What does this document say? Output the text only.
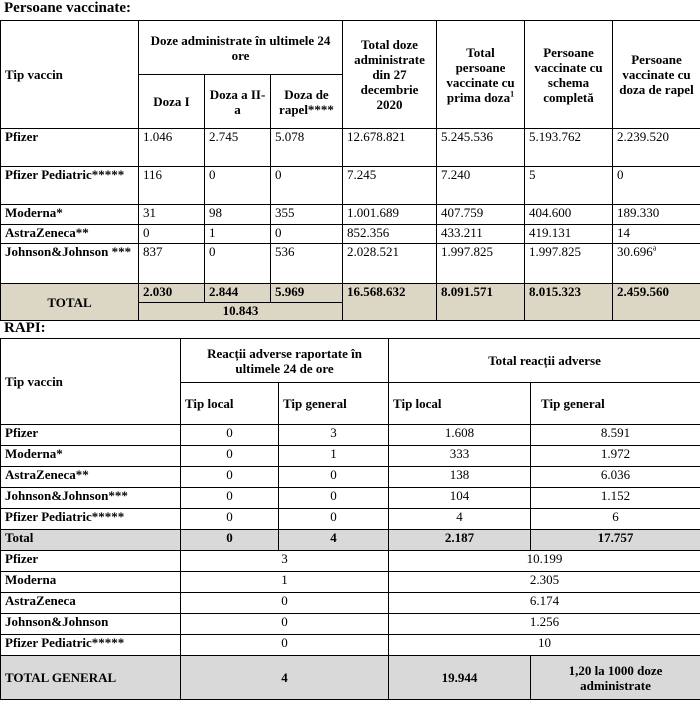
Persoane vaccinate:
Tip vaccin	Doze administrate în ultimele 24 ore			Total doze administrate din 27 decembrie 2020	Total persoane vaccinate cu prima doza$^1$	Persoane vaccinate cu schema completă	Persoane vaccinate cu doza de rapel
	Doza I	Doza a II-a	Doza de rapel****				
Pfizer	1.046	2.745	5.078	12.678.821	5.245.536	5.193.762	2.239.520
Pfizer Pediatric*****	116	0	0	7.245	7.240	5	0
Moderna*	31	98	355	1.001.689	407.759	404.600	189.330
AstraZeneca**	0	1	0	852.356	433.211	419.131	14
Johnson&Johnson ***	837	0	536	2.028.521	1.997.825	1.997.825	30.696$^a$
TOTAL	2.030	2.844	5.969	16.568.632	8.091.571	8.015.323	2.459.560
	10.843						
RAPI:
Tip vaccin	Reacții adverse raportate în ultimele 24 de ore		Total reacții adverse	
	Tip local	Tip general	Tip local	Tip general
Pfizer	0	3	1.608	8.591
Moderna*	0	1	333	1.972
AstraZeneca**	0	0	138	6.036
Johnson&Johnson***	0	0	104	1.152
Pfizer Pediatric*****	0	0	4	6
Total	0	4	2.187	17.757
Pfizer	3		10.199	
Moderna	1		2.305	
AstraZeneca	0		6.174	
Johnson&Johnson	0		1.256	
Pfizer Pediatric*****	0		10	
TOTAL GENERAL	4		19.944	1,20 la 1000 doze administrate
